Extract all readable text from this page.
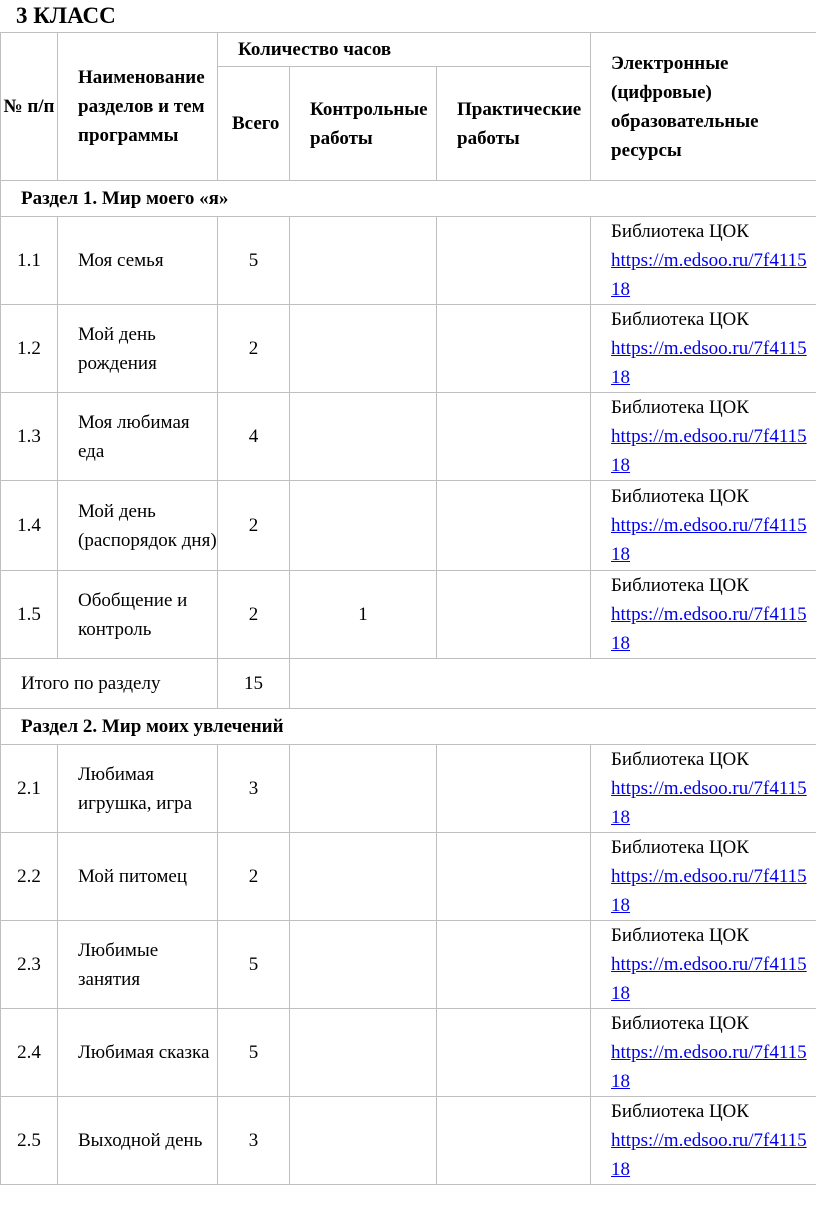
3 КЛАСС
№ п/п	Наименование разделов и тем программы	Количество часов			Электронные (цифровые) образовательные ресурсы
		Всего	Контрольные работы	Практические работы	
Раздел 1. Мир моего «я»					
1.1	Моя семья	5			Библиотека ЦОК
https://m.edsoo.ru/7f411518

1.2	Мой день рождения	2			Библиотека ЦОК
https://m.edsoo.ru/7f411518

1.3	Моя любимая еда	4			Библиотека ЦОК
https://m.edsoo.ru/7f411518

1.4	Мой день (распорядок дня)	2			Библиотека ЦОК
https://m.edsoo.ru/7f411518

1.5	Обобщение и контроль	2	1		Библиотека ЦОК
https://m.edsoo.ru/7f411518

Итого по разделу		15			
Раздел 2. Мир моих увлечений					
2.1	Любимая игрушка, игра	3			Библиотека ЦОК
https://m.edsoo.ru/7f411518

2.2	Мой питомец	2			Библиотека ЦОК
https://m.edsoo.ru/7f411518

2.3	Любимые занятия	5			Библиотека ЦОК
https://m.edsoo.ru/7f411518

2.4	Любимая сказка	5			Библиотека ЦОК
https://m.edsoo.ru/7f411518

2.5	Выходной день	3			Библиотека ЦОК
https://m.edsoo.ru/7f411518
